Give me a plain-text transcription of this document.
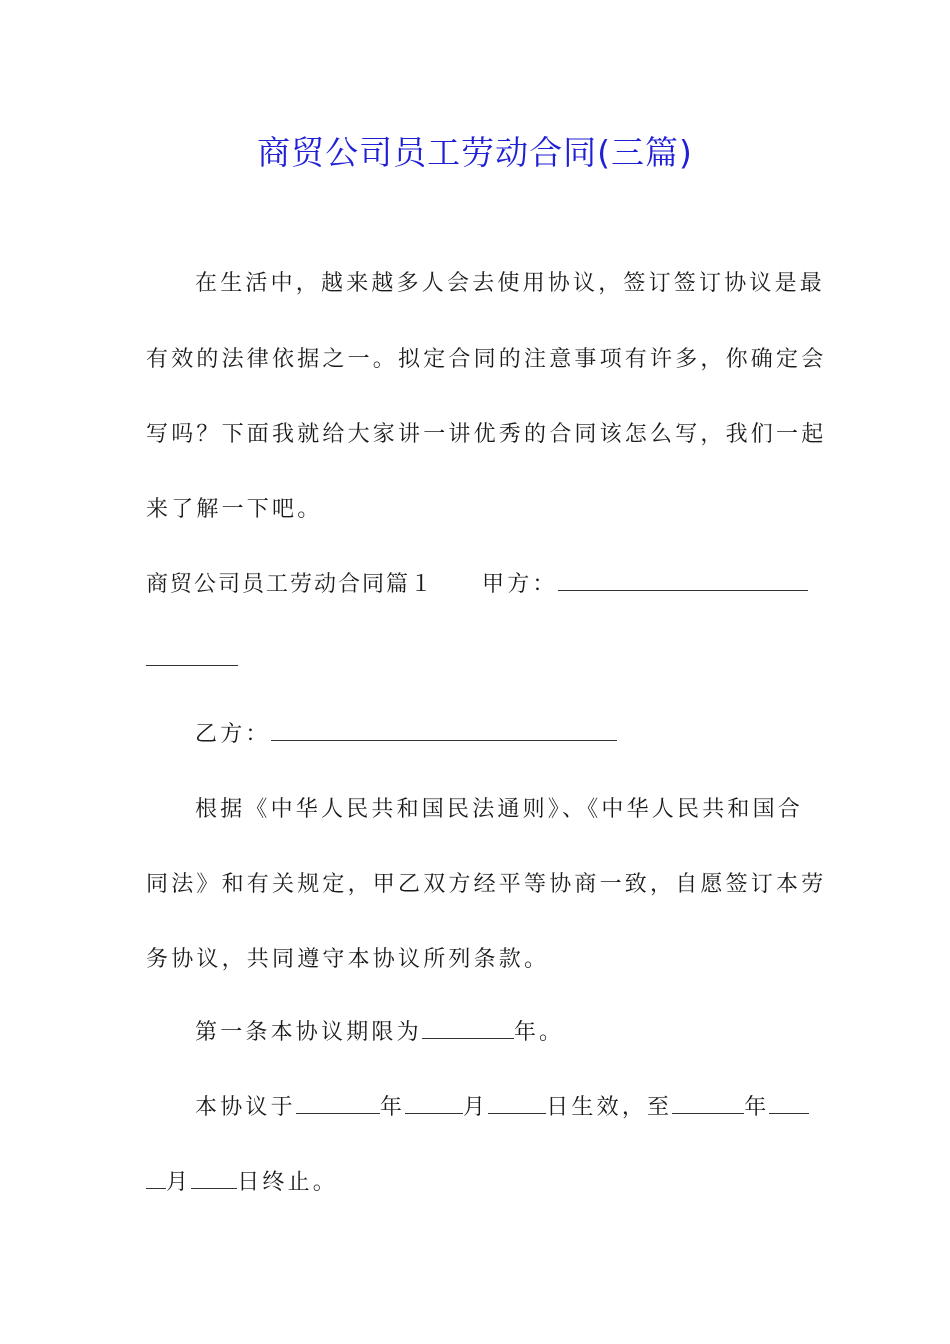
商贸公司员工劳动合同(三篇)
在生活中，越来越多人会去使用协议，签订签订协议是最
有效的法律依据之一。拟定合同的注意事项有许多，你确定会
写吗？下面我就给大家讲一讲优秀的合同该怎么写，我们一起
来了解一下吧。
商贸公司员工劳动合同篇１ 甲方：
乙方：
根据《中华人民共和国民法通则》、《中华人民共和国合
同法》和有关规定，甲乙双方经平等协商一致，自愿签订本劳
务协议，共同遵守本协议所列条款。
第一条本协议期限为	年。
本协议于	年	月	日生效，至	年
月 日终止。
